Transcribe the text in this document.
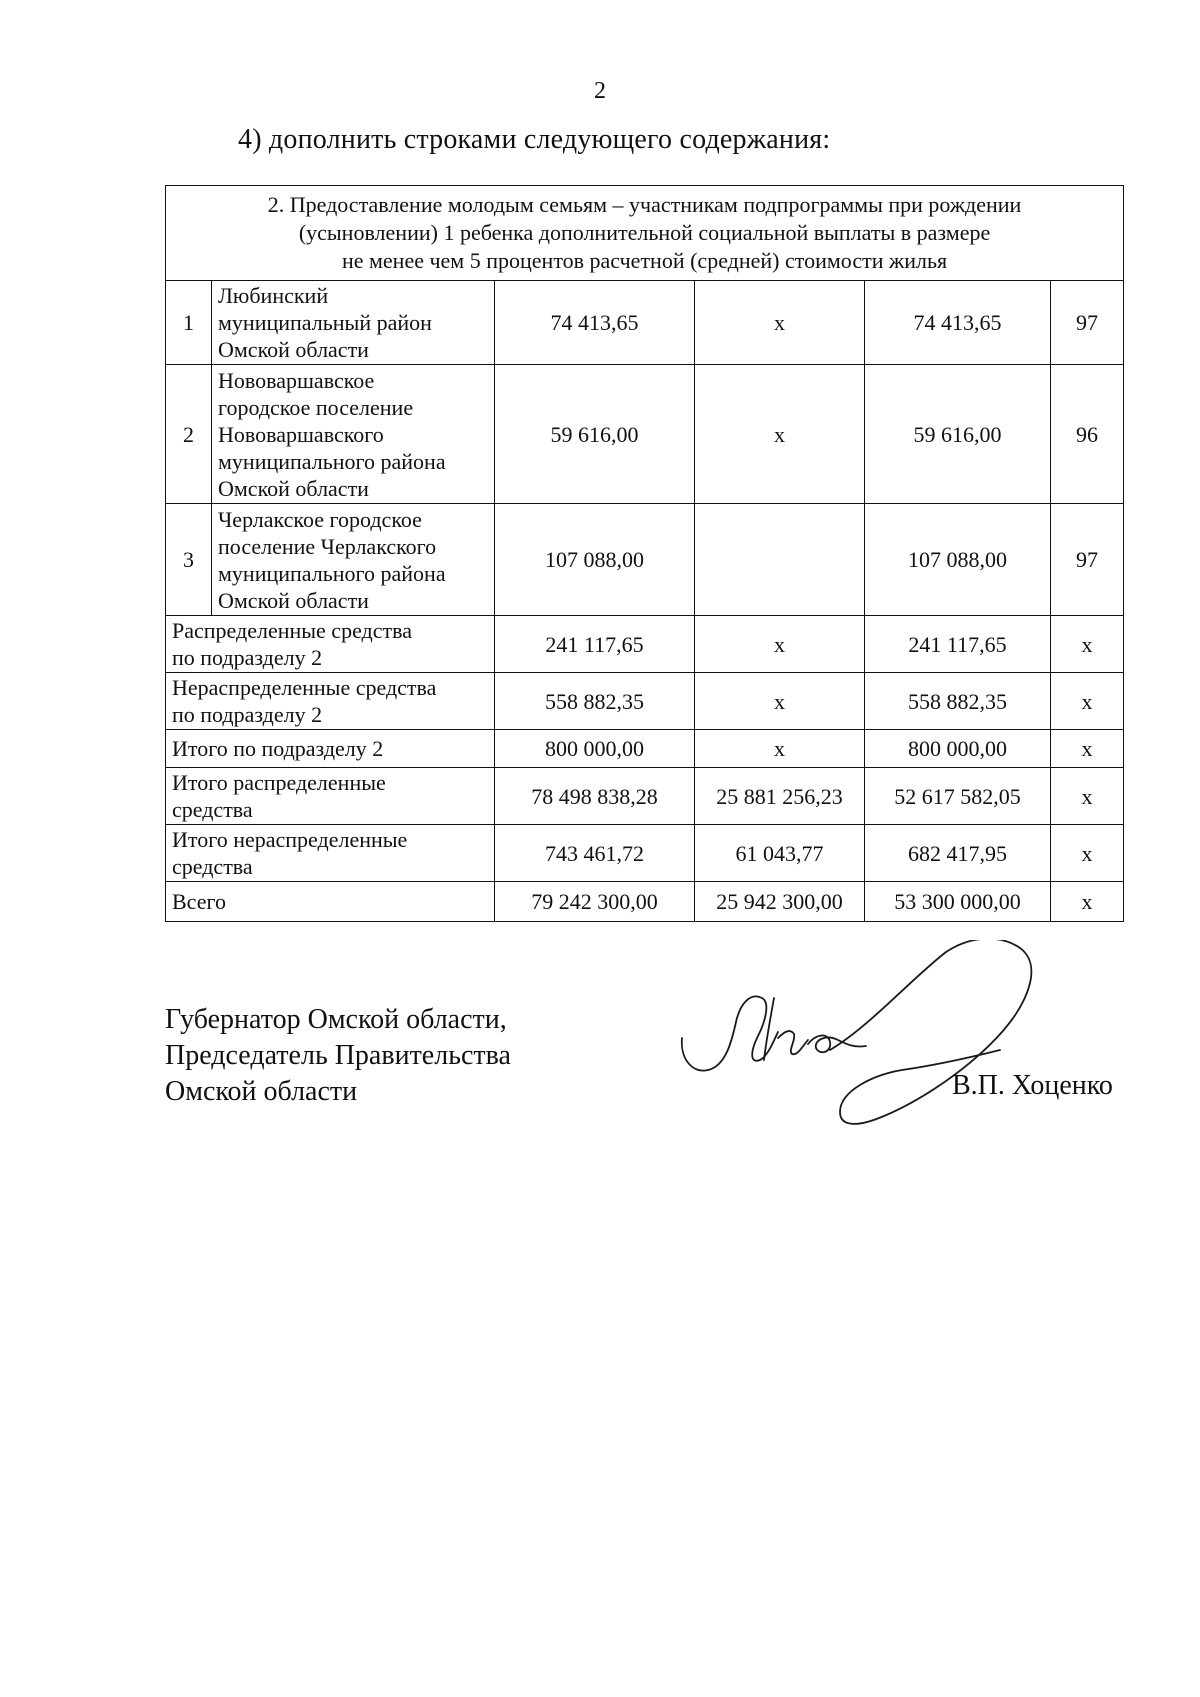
2
4) дополнить строками следующего содержания:
2. Предоставление молодым семьям – участникам подпрограммы при рождении
(усыновлении) 1 ребенка дополнительной социальной выплаты в размере
не менее чем 5 процентов расчетной (средней) стоимости жилья					

1	Любинский
муниципальный район
Омской области	74 413,65	х	74 413,65	97
2	Нововаршавское
городское поселение
Нововаршавского
муниципального района
Омской области	59 616,00	х	59 616,00	96
3	Черлакское городское
поселение Черлакского
муниципального района
Омской области	107 088,00		107 088,00	97

Распределенные средства
по подразделу 2		241 117,65	х	241 117,65	х

Нераспределенные средства
по подразделу 2		558 882,35	х	558 882,35	х

Итого по подразделу 2		800 000,00	х	800 000,00	х

Итого распределенные
средства		78 498 838,28	25 881 256,23	52 617 582,05	х

Итого нераспределенные
средства		743 461,72	61 043,77	682 417,95	х

Всего		79 242 300,00	25 942 300,00	53 300 000,00	х
Губернатор Омской области,
Председатель Правительства
Омской области	В.П. Хоценко
